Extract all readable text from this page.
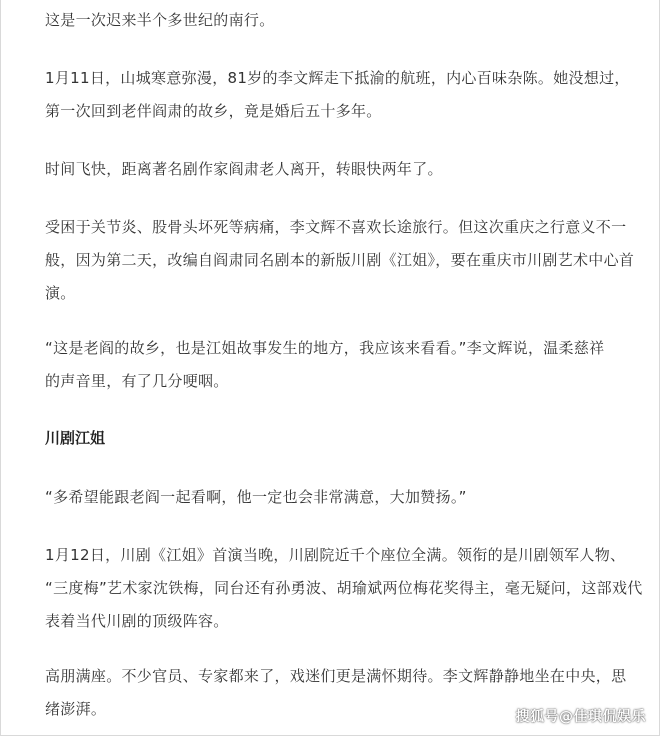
这是一次迟来半个多世纪的南行。

1月11日，山城寒意弥漫，81岁的李文辉走下抵渝的航班，内心百味杂陈。她没想过，
第一次回到老伴阎肃的故乡，竟是婚后五十多年。

时间飞快，距离著名剧作家阎肃老人离开，转眼快两年了。

受困于关节炎、股骨头坏死等病痛，李文辉不喜欢长途旅行。但这次重庆之行意义不一
般，因为第二天，改编自阎肃同名剧本的新版川剧《江姐》，要在重庆市川剧艺术中心首
演。

“这是老阎的故乡，也是江姐故事发生的地方，我应该来看看。”李文辉说，温柔慈祥
的声音里，有了几分哽咽。

川剧江姐

“多希望能跟老阎一起看啊，他一定也会非常满意，大加赞扬。”

1月12日，川剧《江姐》首演当晚，川剧院近千个座位全满。领衔的是川剧领军人物、
“三度梅”艺术家沈铁梅，同台还有孙勇波、胡瑜斌两位梅花奖得主，毫无疑问，这部戏代
表着当代川剧的顶级阵容。

高朋满座。不少官员、专家都来了，戏迷们更是满怀期待。李文辉静静地坐在中央，思
绪澎湃。	搜狐号@佳琪侃娱乐
